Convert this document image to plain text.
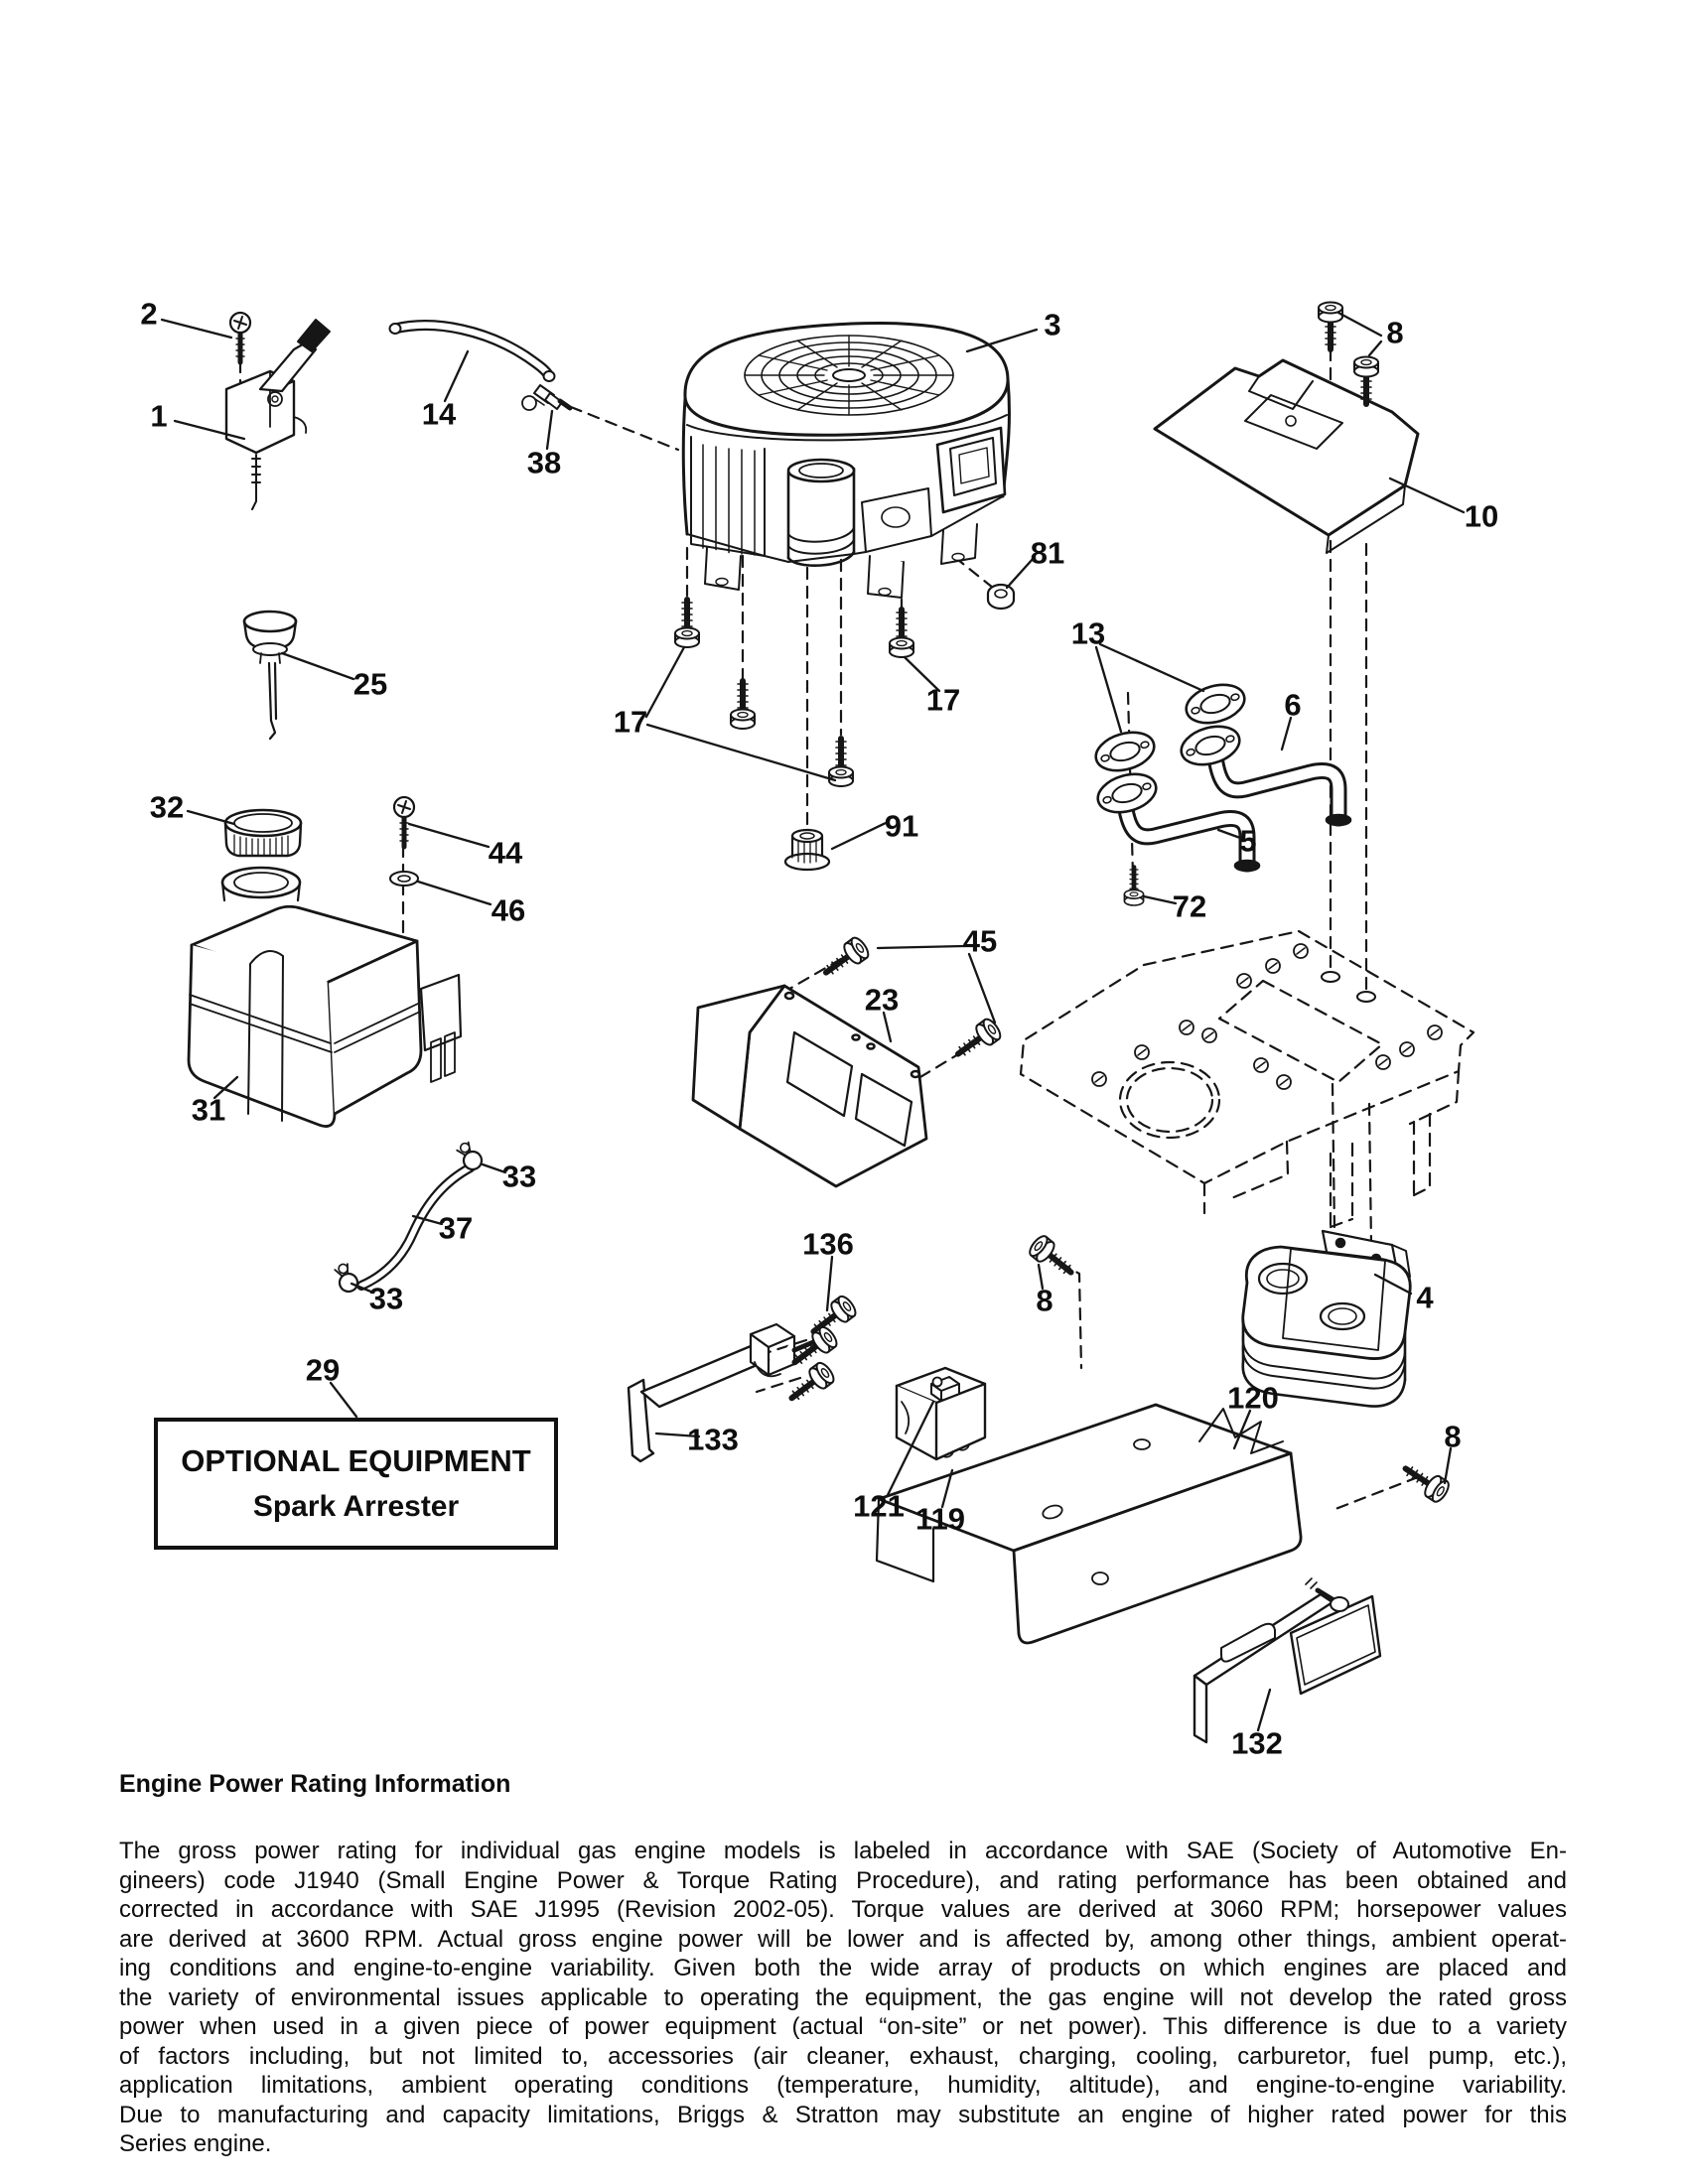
2
1	14
38
3	8
10
25
17
17
81
91
13
6
5
72
32
44
46
31
33
37
33
29
45
23
136
133
121 119
120
8	4
8
132
OPTIONAL EQUIPMENT
Spark Arrester
Engine Power Rating Information
The gross power rating for individual gas engine models is labeled in accordance with SAE (Society of Automotive En-
gineers) code J1940 (Small Engine Power & Torque Rating Procedure), and rating performance has been obtained and
corrected in accordance with SAE J1995 (Revision 2002-05). Torque values are derived at 3060 RPM; horsepower values
are derived at 3600 RPM. Actual gross engine power will be lower and is affected by, among other things, ambient operat-
ing conditions and engine-to-engine variability. Given both the wide array of products on which engines are placed and
the variety of environmental issues applicable to operating the equipment, the gas engine will not develop the rated gross
power when used in a given piece of power equipment (actual “on-site” or net power). This difference is due to a variety
of factors including, but not limited to, accessories (air cleaner, exhaust, charging, cooling, carburetor, fuel pump, etc.),
application limitations, ambient operating conditions (temperature, humidity, altitude), and engine-to-engine variability.
Due to manufacturing and capacity limitations, Briggs & Stratton may substitute an engine of higher rated power for this
Series engine.
